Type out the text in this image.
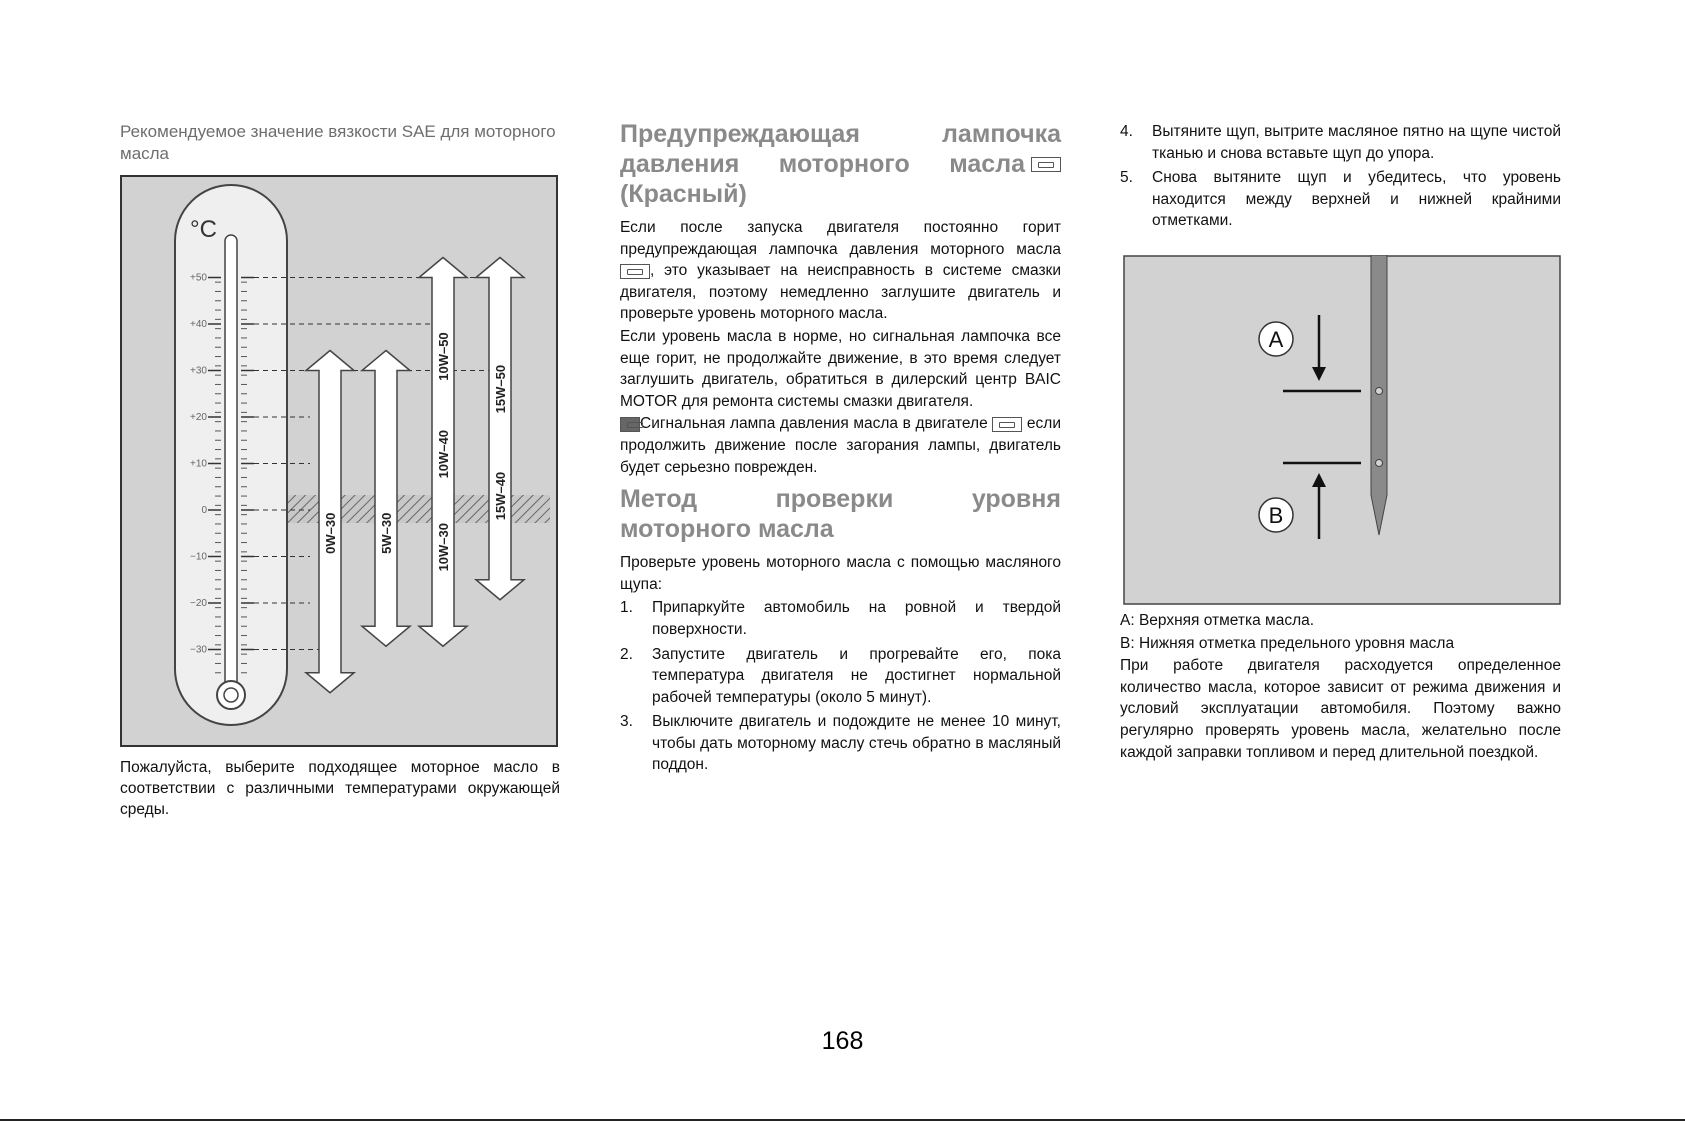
Рекомендуемое значение вязкости SAE для моторного масла
°C
+50
+40
+30
+20
+10
0
−10
−20
−30
0W–30	5W–30	10W–30
10W–40
10W–50
15W–40
15W–50
Пожалуйста, выберите подходящее моторное масло в соответствии с различными температурами окружающей среды.
Предупреждающая лампочка
давления моторного масла
(Красный)
Если после запуска двигателя постоянно горит предупреждающая лампочка давления моторного масла , это указывает на неисправность в системе смазки двигателя, поэтому немедленно заглушите двигатель и проверьте уровень моторного масла.
Если уровень масла в норме, но сигнальная лампочка все еще горит, не продолжайте движение, в это время следует заглушить двигатель, обратиться в дилерский центр BAIC MOTOR для ремонта системы смазки двигателя.
Сигнальная лампа давления масла в двигателе	если продолжить движение после загорания лампы, двигатель будет серьезно поврежден.
Метод проверки уровня
моторного масла
Проверьте уровень моторного масла с помощью масляного щупа:
1. Припаркуйте автомобиль на ровной и твердой поверхности.
2. Запустите двигатель и прогревайте его, пока температура двигателя не достигнет нормальной рабочей температуры (около 5 минут).
3. Выключите двигатель и подождите не менее 10 минут, чтобы дать моторному маслу стечь обратно в масляный поддон.
4. Вытяните щуп, вытрите масляное пятно на щупе чистой тканью и снова вставьте щуп до упора.
5. Снова вытяните щуп и убедитесь, что уровень находится между верхней и нижней крайними отметками.
A
B
A: Верхняя отметка масла.
B: Нижняя отметка предельного уровня масла
При работе двигателя расходуется определенное количество масла, которое зависит от режима движения и условий эксплуатации автомобиля. Поэтому важно регулярно проверять уровень масла, желательно после каждой заправки топливом и перед длительной поездкой.
168
